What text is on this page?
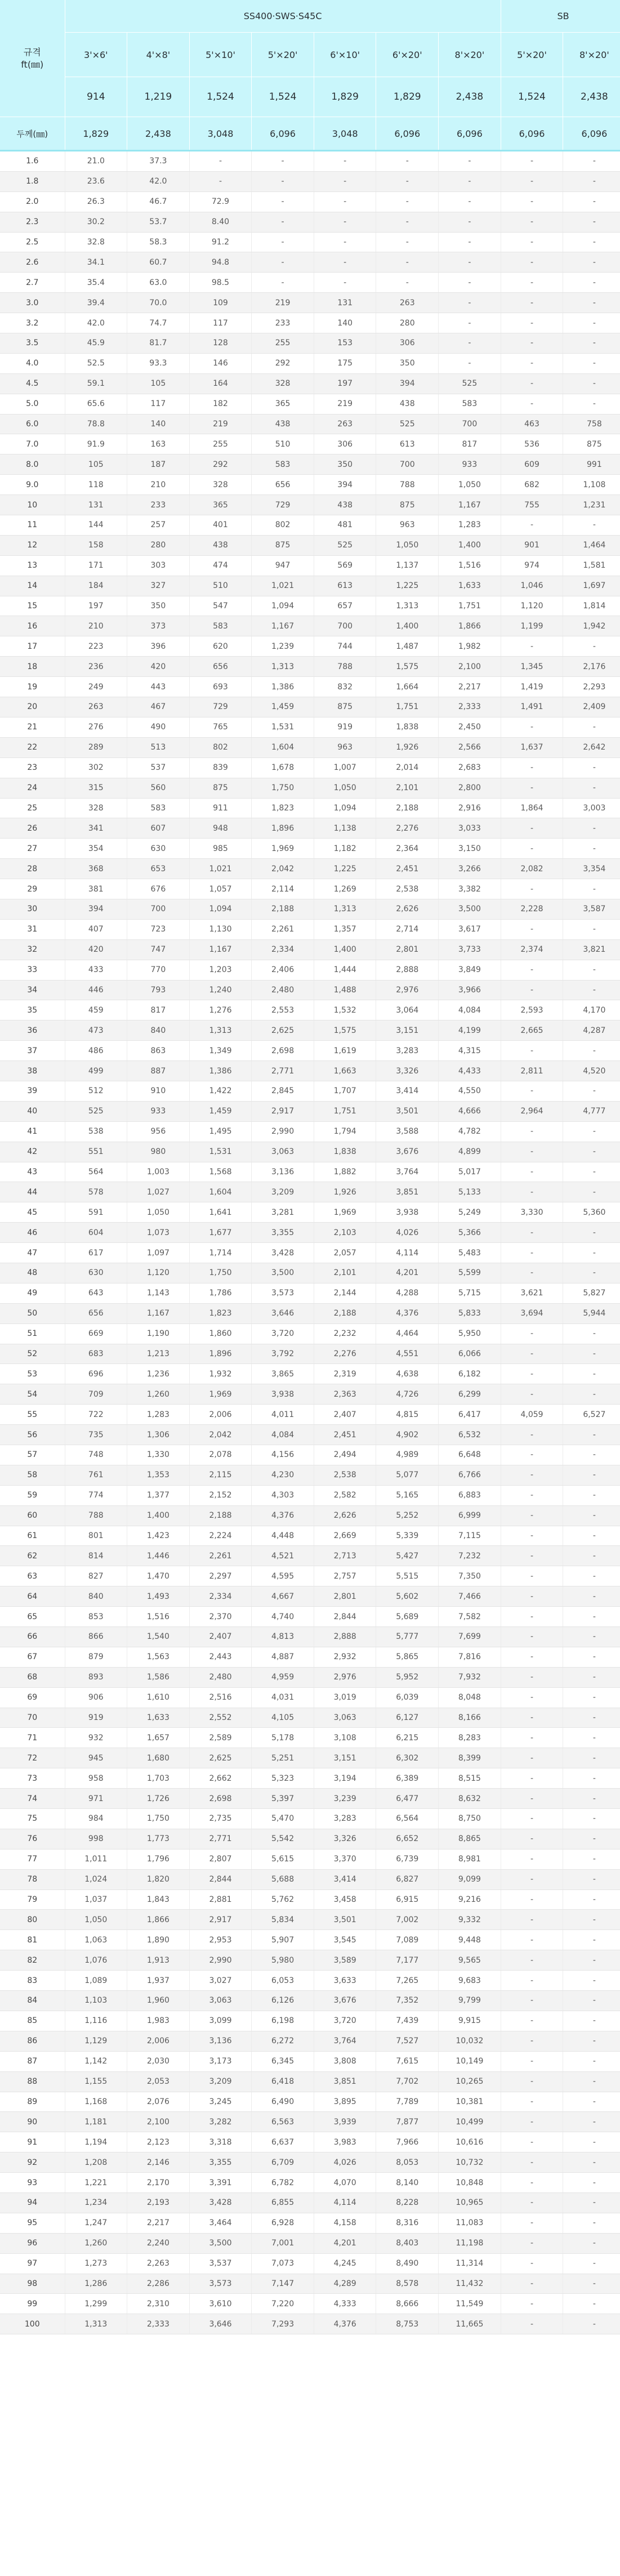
규격
ft(㎜)	SS400·SWS·S45C							SB	
	3'×6'	4'×8'	5'×10'	5'×20'	6'×10'	6'×20'	8'×20'	5'×20'	8'×20'
	914	1,219	1,524	1,524	1,829	1,829	2,438	1,524	2,438
두께(㎜)	1,829	2,438	3,048	6,096	3,048	6,096	6,096	6,096	6,096
1.6	21.0	37.3	-	-	-	-	-	-	-
1.8	23.6	42.0	-	-	-	-	-	-	-
2.0	26.3	46.7	72.9	-	-	-	-	-	-
2.3	30.2	53.7	8.40	-	-	-	-	-	-
2.5	32.8	58.3	91.2	-	-	-	-	-	-
2.6	34.1	60.7	94.8	-	-	-	-	-	-
2.7	35.4	63.0	98.5	-	-	-	-	-	-
3.0	39.4	70.0	109	219	131	263	-	-	-
3.2	42.0	74.7	117	233	140	280	-	-	-
3.5	45.9	81.7	128	255	153	306	-	-	-
4.0	52.5	93.3	146	292	175	350	-	-	-
4.5	59.1	105	164	328	197	394	525	-	-
5.0	65.6	117	182	365	219	438	583	-	-
6.0	78.8	140	219	438	263	525	700	463	758
7.0	91.9	163	255	510	306	613	817	536	875
8.0	105	187	292	583	350	700	933	609	991
9.0	118	210	328	656	394	788	1,050	682	1,108
10	131	233	365	729	438	875	1,167	755	1,231
11	144	257	401	802	481	963	1,283	-	-
12	158	280	438	875	525	1,050	1,400	901	1,464
13	171	303	474	947	569	1,137	1,516	974	1,581
14	184	327	510	1,021	613	1,225	1,633	1,046	1,697
15	197	350	547	1,094	657	1,313	1,751	1,120	1,814
16	210	373	583	1,167	700	1,400	1,866	1,199	1,942
17	223	396	620	1,239	744	1,487	1,982	-	-
18	236	420	656	1,313	788	1,575	2,100	1,345	2,176
19	249	443	693	1,386	832	1,664	2,217	1,419	2,293
20	263	467	729	1,459	875	1,751	2,333	1,491	2,409
21	276	490	765	1,531	919	1,838	2,450	-	-
22	289	513	802	1,604	963	1,926	2,566	1,637	2,642
23	302	537	839	1,678	1,007	2,014	2,683	-	-
24	315	560	875	1,750	1,050	2,101	2,800	-	-
25	328	583	911	1,823	1,094	2,188	2,916	1,864	3,003
26	341	607	948	1,896	1,138	2,276	3,033	-	-
27	354	630	985	1,969	1,182	2,364	3,150	-	-
28	368	653	1,021	2,042	1,225	2,451	3,266	2,082	3,354
29	381	676	1,057	2,114	1,269	2,538	3,382	-	-
30	394	700	1,094	2,188	1,313	2,626	3,500	2,228	3,587
31	407	723	1,130	2,261	1,357	2,714	3,617	-	-
32	420	747	1,167	2,334	1,400	2,801	3,733	2,374	3,821
33	433	770	1,203	2,406	1,444	2,888	3,849	-	-
34	446	793	1,240	2,480	1,488	2,976	3,966	-	-
35	459	817	1,276	2,553	1,532	3,064	4,084	2,593	4,170
36	473	840	1,313	2,625	1,575	3,151	4,199	2,665	4,287
37	486	863	1,349	2,698	1,619	3,283	4,315	-	-
38	499	887	1,386	2,771	1,663	3,326	4,433	2,811	4,520
39	512	910	1,422	2,845	1,707	3,414	4,550	-	-
40	525	933	1,459	2,917	1,751	3,501	4,666	2,964	4,777
41	538	956	1,495	2,990	1,794	3,588	4,782	-	-
42	551	980	1,531	3,063	1,838	3,676	4,899	-	-
43	564	1,003	1,568	3,136	1,882	3,764	5,017	-	-
44	578	1,027	1,604	3,209	1,926	3,851	5,133	-	-
45	591	1,050	1,641	3,281	1,969	3,938	5,249	3,330	5,360
46	604	1,073	1,677	3,355	2,103	4,026	5,366	-	-
47	617	1,097	1,714	3,428	2,057	4,114	5,483	-	-
48	630	1,120	1,750	3,500	2,101	4,201	5,599	-	-
49	643	1,143	1,786	3,573	2,144	4,288	5,715	3,621	5,827
50	656	1,167	1,823	3,646	2,188	4,376	5,833	3,694	5,944
51	669	1,190	1,860	3,720	2,232	4,464	5,950	-	-
52	683	1,213	1,896	3,792	2,276	4,551	6,066	-	-
53	696	1,236	1,932	3,865	2,319	4,638	6,182	-	-
54	709	1,260	1,969	3,938	2,363	4,726	6,299	-	-
55	722	1,283	2,006	4,011	2,407	4,815	6,417	4,059	6,527
56	735	1,306	2,042	4,084	2,451	4,902	6,532	-	-
57	748	1,330	2,078	4,156	2,494	4,989	6,648	-	-
58	761	1,353	2,115	4,230	2,538	5,077	6,766	-	-
59	774	1,377	2,152	4,303	2,582	5,165	6,883	-	-
60	788	1,400	2,188	4,376	2,626	5,252	6,999	-	-
61	801	1,423	2,224	4,448	2,669	5,339	7,115	-	-
62	814	1,446	2,261	4,521	2,713	5,427	7,232	-	-
63	827	1,470	2,297	4,595	2,757	5,515	7,350	-	-
64	840	1,493	2,334	4,667	2,801	5,602	7,466	-	-
65	853	1,516	2,370	4,740	2,844	5,689	7,582	-	-
66	866	1,540	2,407	4,813	2,888	5,777	7,699	-	-
67	879	1,563	2,443	4,887	2,932	5,865	7,816	-	-
68	893	1,586	2,480	4,959	2,976	5,952	7,932	-	-
69	906	1,610	2,516	4,031	3,019	6,039	8,048	-	-
70	919	1,633	2,552	4,105	3,063	6,127	8,166	-	-
71	932	1,657	2,589	5,178	3,108	6,215	8,283	-	-
72	945	1,680	2,625	5,251	3,151	6,302	8,399	-	-
73	958	1,703	2,662	5,323	3,194	6,389	8,515	-	-
74	971	1,726	2,698	5,397	3,239	6,477	8,632	-	-
75	984	1,750	2,735	5,470	3,283	6,564	8,750	-	-
76	998	1,773	2,771	5,542	3,326	6,652	8,865	-	-
77	1,011	1,796	2,807	5,615	3,370	6,739	8,981	-	-
78	1,024	1,820	2,844	5,688	3,414	6,827	9,099	-	-
79	1,037	1,843	2,881	5,762	3,458	6,915	9,216	-	-
80	1,050	1,866	2,917	5,834	3,501	7,002	9,332	-	-
81	1,063	1,890	2,953	5,907	3,545	7,089	9,448	-	-
82	1,076	1,913	2,990	5,980	3,589	7,177	9,565	-	-
83	1,089	1,937	3,027	6,053	3,633	7,265	9,683	-	-
84	1,103	1,960	3,063	6,126	3,676	7,352	9,799	-	-
85	1,116	1,983	3,099	6,198	3,720	7,439	9,915	-	-
86	1,129	2,006	3,136	6,272	3,764	7,527	10,032	-	-
87	1,142	2,030	3,173	6,345	3,808	7,615	10,149	-	-
88	1,155	2,053	3,209	6,418	3,851	7,702	10,265	-	-
89	1,168	2,076	3,245	6,490	3,895	7,789	10,381	-	-
90	1,181	2,100	3,282	6,563	3,939	7,877	10,499	-	-
91	1,194	2,123	3,318	6,637	3,983	7,966	10,616	-	-
92	1,208	2,146	3,355	6,709	4,026	8,053	10,732	-	-
93	1,221	2,170	3,391	6,782	4,070	8,140	10,848	-	-
94	1,234	2,193	3,428	6,855	4,114	8,228	10,965	-	-
95	1,247	2,217	3,464	6,928	4,158	8,316	11,083	-	-
96	1,260	2,240	3,500	7,001	4,201	8,403	11,198	-	-
97	1,273	2,263	3,537	7,073	4,245	8,490	11,314	-	-
98	1,286	2,286	3,573	7,147	4,289	8,578	11,432	-	-
99	1,299	2,310	3,610	7,220	4,333	8,666	11,549	-	-
100	1,313	2,333	3,646	7,293	4,376	8,753	11,665	-	-
